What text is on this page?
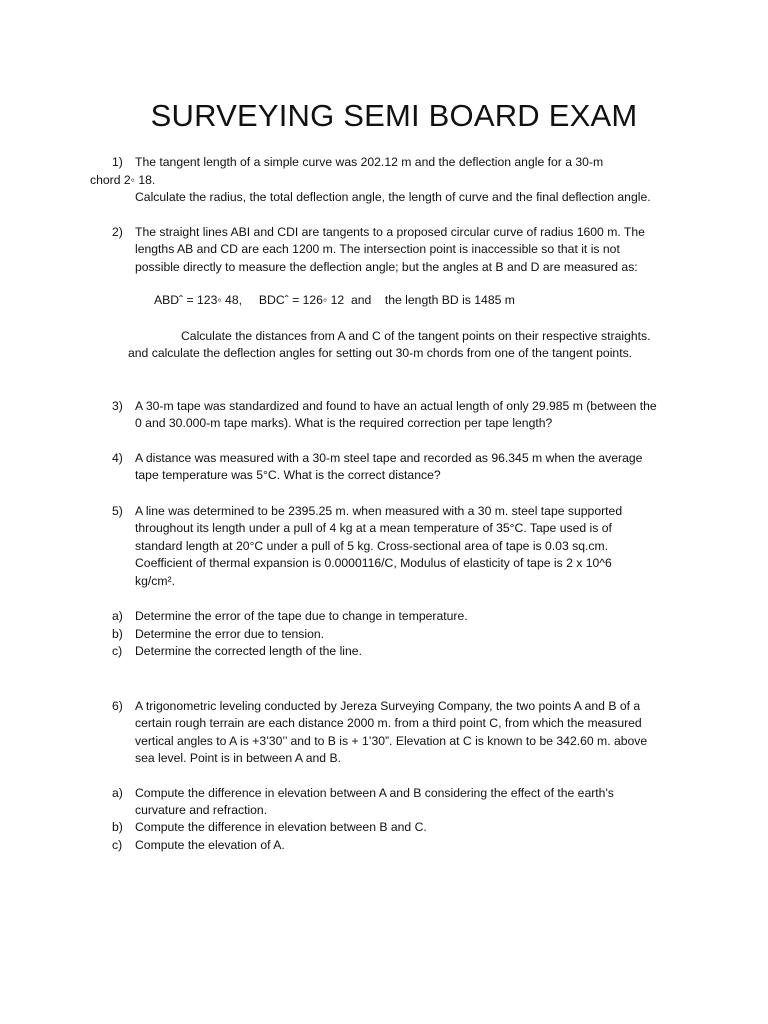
SURVEYING SEMI BOARD EXAM
1) The tangent length of a simple curve was 202.12 m and the deflection angle for a 30-m
chord 2◦ 18.
Calculate the radius, the total deflection angle, the length of curve and the final deflection angle.
2) The straight lines ABI and CDI are tangents to a proposed circular curve of radius 1600 m. The
lengths AB and CD are each 1200 m. The intersection point is inaccessible so that it is not
possible directly to measure the deflection angle; but the angles at B and D are measured as:
ABDˆ = 123◦ 48,     BDCˆ = 126◦ 12  and    the length BD is 1485 m
Calculate the distances from A and C of the tangent points on their respective straights.
and calculate the deflection angles for setting out 30-m chords from one of the tangent points.
3) A 30-m tape was standardized and found to have an actual length of only 29.985 m (between the
0 and 30.000-m tape marks). What is the required correction per tape length?
4) A distance was measured with a 30-m steel tape and recorded as 96.345 m when the average
tape temperature was 5°C. What is the correct distance?
5) A line was determined to be 2395.25 m. when measured with a 30 m. steel tape supported
throughout its length under a pull of 4 kg at a mean temperature of 35°C. Tape used is of
standard length at 20°C under a pull of 5 kg. Cross-sectional area of tape is 0.03 sq.cm.
Coefficient of thermal expansion is 0.0000116/C, Modulus of elasticity of tape is 2 x 10^6
kg/cm².
a) Determine the error of the tape due to change in temperature.
b) Determine the error due to tension.
c) Determine the corrected length of the line.
6) A trigonometric leveling conducted by Jereza Surveying Company, the two points A and B of a
certain rough terrain are each distance 2000 m. from a third point C, from which the measured
vertical angles to A is +3’30’’ and to B is + 1’30”. Elevation at C is known to be 342.60 m. above
sea level. Point is in between A and B.
a) Compute the difference in elevation between A and B considering the effect of the earth's
curvature and refraction.
b) Compute the difference in elevation between B and C.
c) Compute the elevation of A.
